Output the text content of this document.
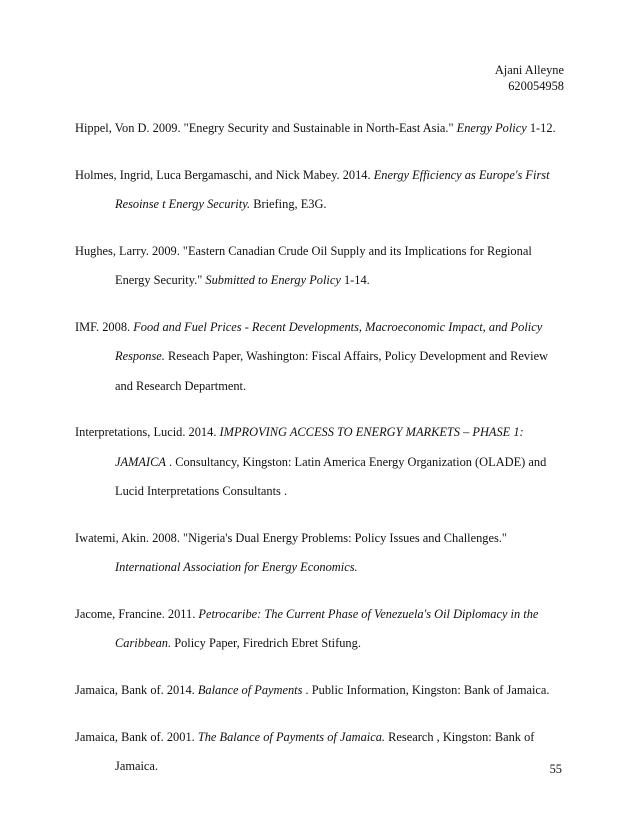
Ajani Alleyne
620054958

Hippel, Von D. 2009. "Enegry Security and Sustainable in North-East Asia." Energy Policy 1-12.

Holmes, Ingrid, Luca Bergamaschi, and Nick Mabey. 2014. Energy Efficiency as Europe's First Resoinse t Energy Security. Briefing, E3G.

Hughes, Larry. 2009. "Eastern Canadian Crude Oil Supply and its Implications for Regional Energy Security." Submitted to Energy Policy 1-14.

IMF. 2008. Food and Fuel Prices - Recent Developments, Macroeconomic Impact, and Policy Response. Reseach Paper, Washington: Fiscal Affairs, Policy Development and Review and Research Department.

Interpretations, Lucid. 2014. IMPROVING ACCESS TO ENERGY MARKETS – PHASE 1: JAMAICA . Consultancy, Kingston: Latin America Energy Organization (OLADE) and Lucid Interpretations Consultants .

Iwatemi, Akin. 2008. "Nigeria's Dual Energy Problems: Policy Issues and Challenges." International Association for Energy Economics.

Jacome, Francine. 2011. Petrocaribe: The Current Phase of Venezuela's Oil Diplomacy in the Caribbean. Policy Paper, Firedrich Ebret Stifung.

Jamaica, Bank of. 2014. Balance of Payments . Public Information, Kingston: Bank of Jamaica.

Jamaica, Bank of. 2001. The Balance of Payments of Jamaica. Research , Kingston: Bank of Jamaica.	55
